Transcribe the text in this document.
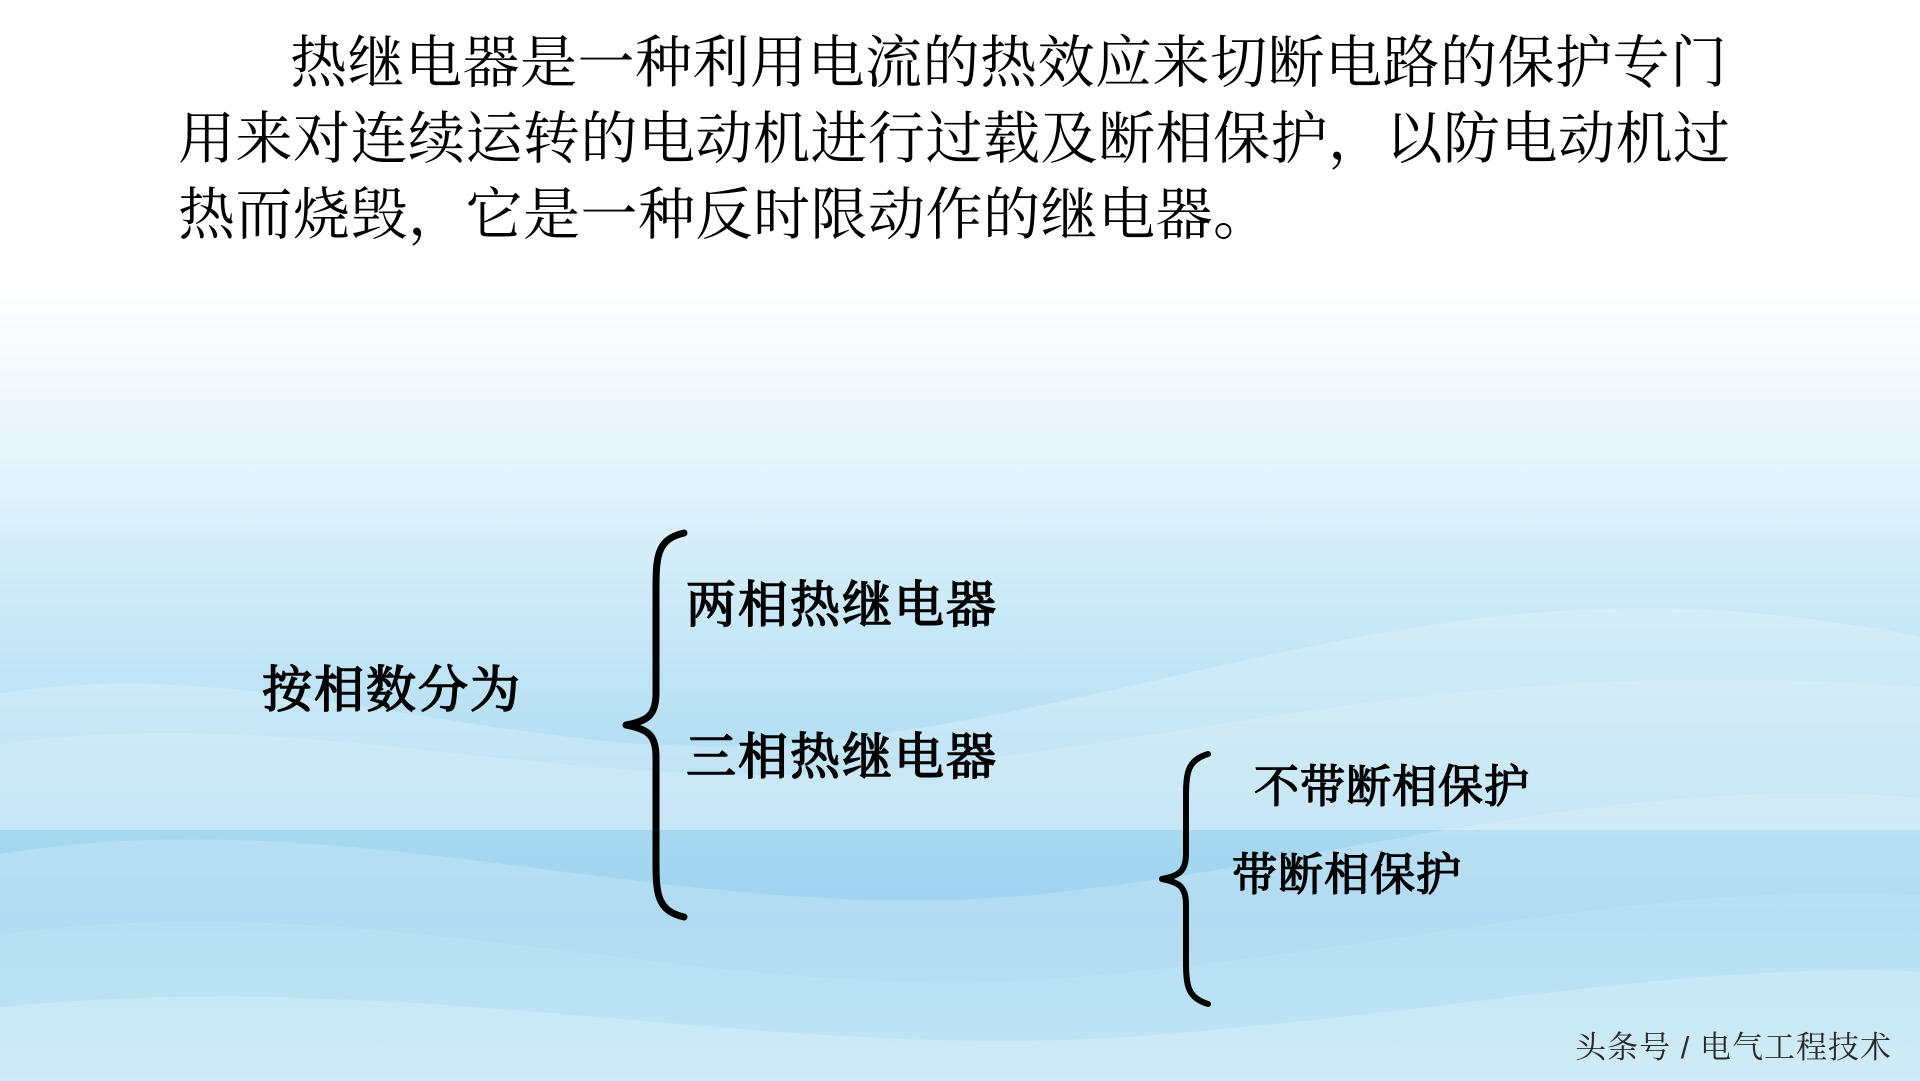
热继电器是一种利用电流的热效应来切断电路的保护专门用来对连续运转的电动机进行过载及断相保护，以防电动机过热而烧毁，它是一种反时限动作的继电器。
按相数分为
两相热继电器
三相热继电器
不带断相保护
带断相保护
头条号 / 电气工程技术
